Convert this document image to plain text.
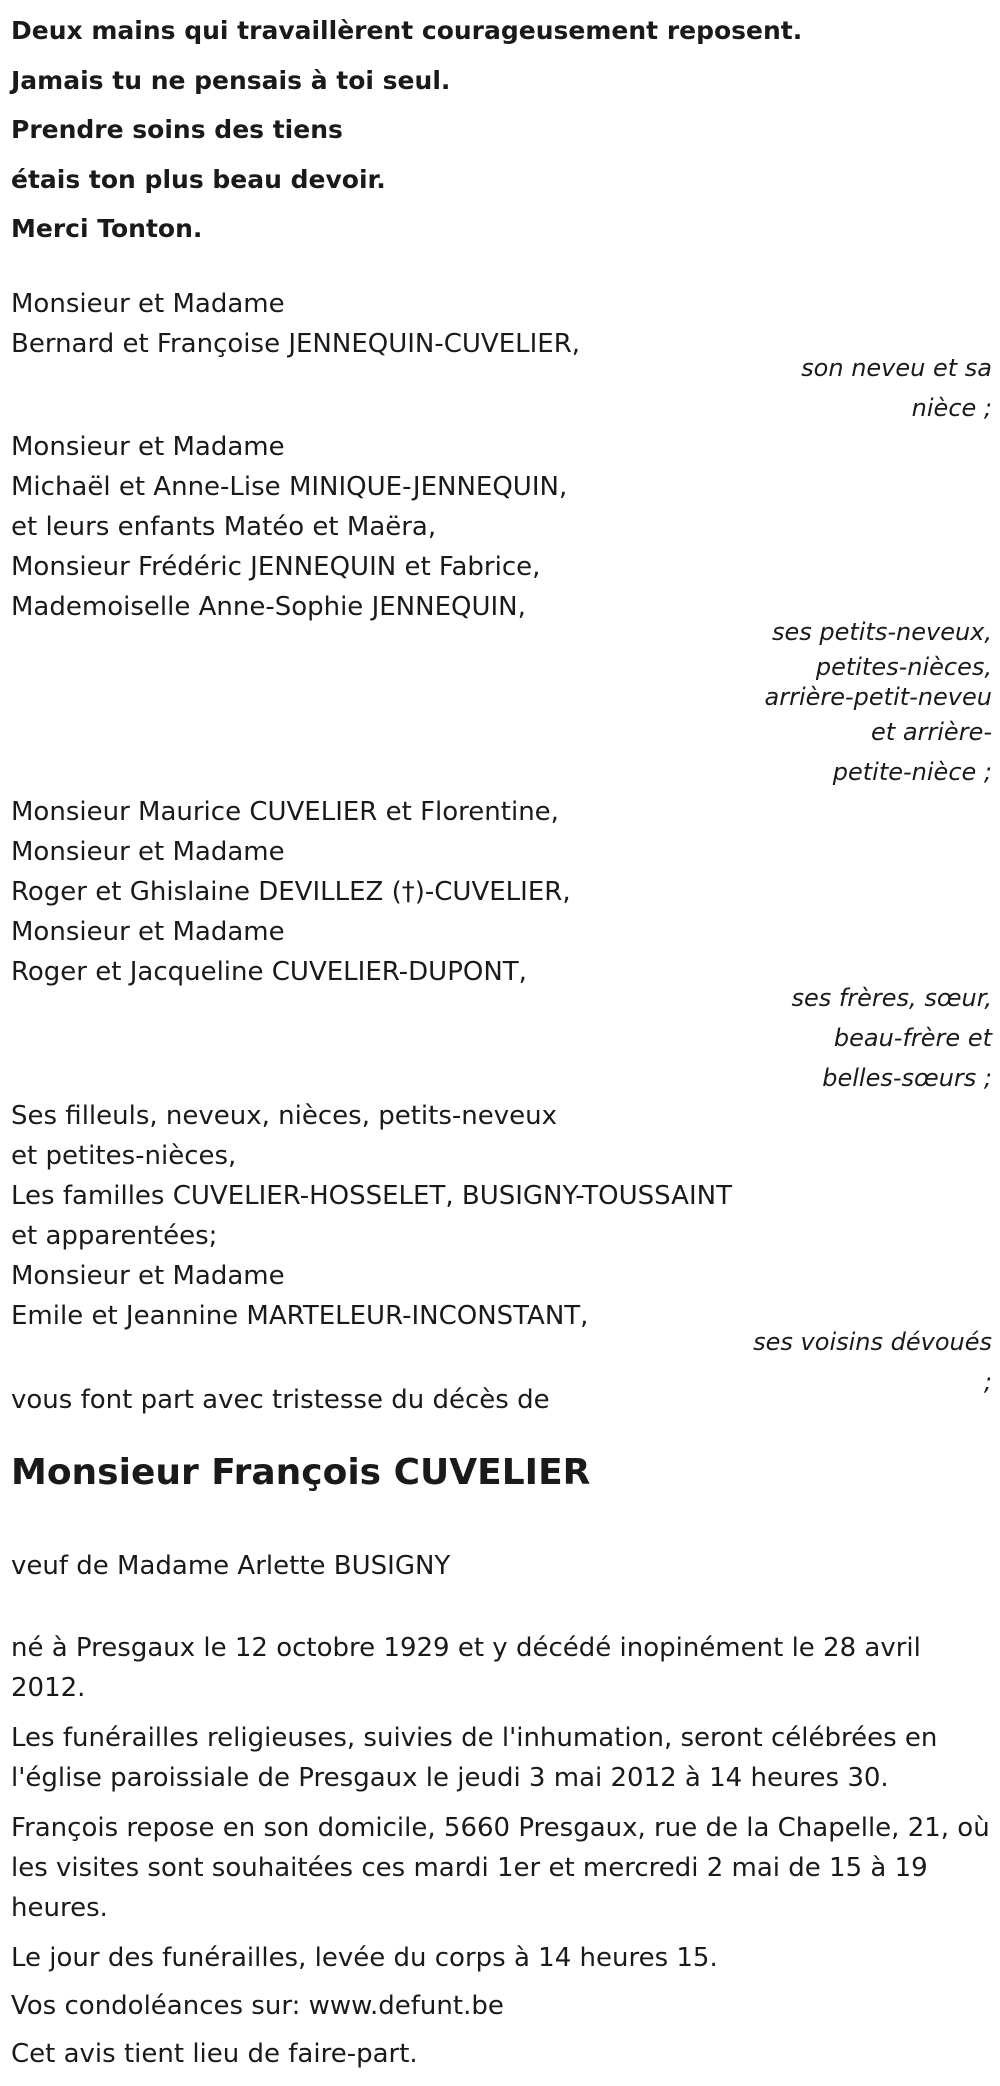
Deux mains qui travaillèrent courageusement reposent.
Jamais tu ne pensais à toi seul.
Prendre soins des tiens
étais ton plus beau devoir.
Merci Tonton.
Monsieur et Madame
Bernard et Françoise JENNEQUIN-CUVELIER,
son neveu et sa
nièce ;
Monsieur et Madame
Michaël et Anne-Lise MINIQUE-JENNEQUIN,
et leurs enfants Matéo et Maëra,
Monsieur Frédéric JENNEQUIN et Fabrice,
Mademoiselle Anne-Sophie JENNEQUIN,
ses petits-neveux,
petites-nièces,
arrière-petit-neveu
et arrière-
petite-nièce ;
Monsieur Maurice CUVELIER et Florentine,
Monsieur et Madame
Roger et Ghislaine DEVILLEZ (†)-CUVELIER,
Monsieur et Madame
Roger et Jacqueline CUVELIER-DUPONT,
ses frères, sœur,
beau-frère et
belles-sœurs ;
Ses filleuls, neveux, nièces, petits-neveux
et petites-nièces,
Les familles CUVELIER-HOSSELET, BUSIGNY-TOUSSAINT
et apparentées;
Monsieur et Madame
Emile et Jeannine MARTELEUR-INCONSTANT,
ses voisins dévoués
;
vous font part avec tristesse du décès de
Monsieur François CUVELIER
veuf de Madame Arlette BUSIGNY
né à Presgaux le 12 octobre 1929 et y décédé inopinément le 28 avril 2012.
Les funérailles religieuses, suivies de l'inhumation, seront célébrées en l'église paroissiale de Presgaux le jeudi 3 mai 2012 à 14 heures 30.
François repose en son domicile, 5660 Presgaux, rue de la Chapelle, 21, où les visites sont souhaitées ces mardi 1er et mercredi 2 mai de 15 à 19 heures.
Le jour des funérailles, levée du corps à 14 heures 15.
Vos condoléances sur: www.defunt.be
Cet avis tient lieu de faire-part.
